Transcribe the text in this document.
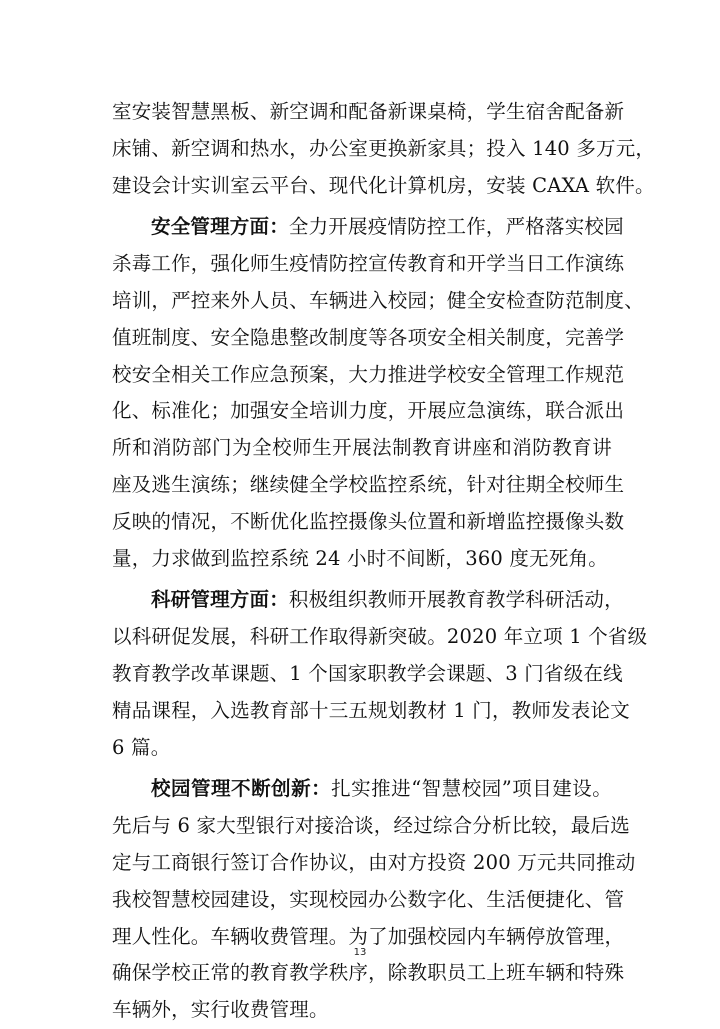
室安装智慧黑板、新空调和配备新课桌椅，学生宿舍配备新
床铺、新空调和热水，办公室更换新家具；投入 140 多万元，
建设会计实训室云平台、现代化计算机房，安装 CAXA 软件。
安全管理方面：全力开展疫情防控工作，严格落实校园
杀毒工作，强化师生疫情防控宣传教育和开学当日工作演练
培训，严控来外人员、车辆进入校园；健全安检查防范制度、
值班制度、安全隐患整改制度等各项安全相关制度，完善学
校安全相关工作应急预案，大力推进学校安全管理工作规范
化、标准化；加强安全培训力度，开展应急演练，联合派出
所和消防部门为全校师生开展法制教育讲座和消防教育讲
座及逃生演练；继续健全学校监控系统，针对往期全校师生
反映的情况，不断优化监控摄像头位置和新增监控摄像头数
量，力求做到监控系统 24 小时不间断，360 度无死角。
科研管理方面：积极组织教师开展教育教学科研活动，
以科研促发展，科研工作取得新突破。2020 年立项 1 个省级
教育教学改革课题、1 个国家职教学会课题、3 门省级在线
精品课程，入选教育部十三五规划教材 1 门，教师发表论文
6 篇。
校园管理不断创新：扎实推进“智慧校园”项目建设。
先后与 6 家大型银行对接洽谈，经过综合分析比较，最后选
定与工商银行签订合作协议，由对方投资 200 万元共同推动
我校智慧校园建设，实现校园办公数字化、生活便捷化、管
理人性化。车辆收费管理。为了加强校园内车辆停放管理，
确保学校正常的教育教学秩序，除教职员工上班车辆和特殊
车辆外，实行收费管理。
13
